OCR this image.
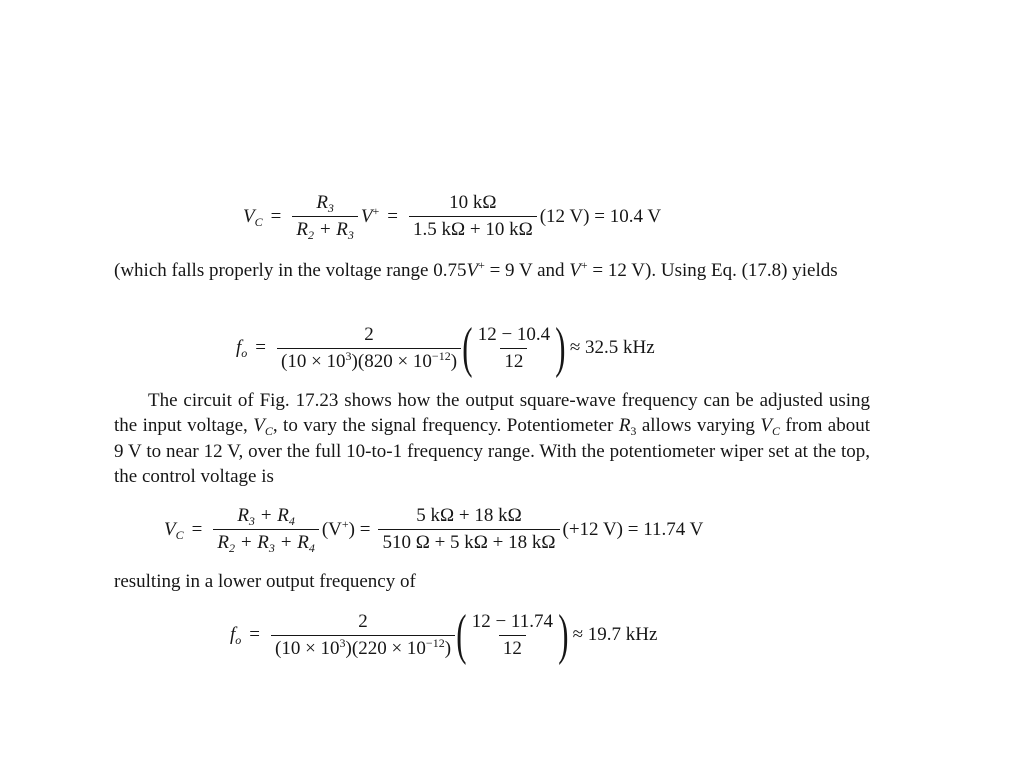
$V_C = \frac{R_3}{R_2 + R_3} V^+ = \frac{10 k\Omega}{1.5 k\Omega + 10 k\Omega} (12$ V) = 10.4 V
(which falls properly in the voltage range 0.75V+ = 9 V and V+ = 12 V). Using Eq. (17.8) yields
$f_o = \frac{2}{(10 \times 10^3)(820 \times 10^{-12})}$ ( $\frac{12 - 10.4}{12}$ ) ≈ 32.5 kHz
The circuit of Fig. 17.23 shows how the output square-wave frequency can be adjusted using the input voltage, $V_C$, to vary the signal frequency. Potentiometer $R_3$ allows varying $V_C$ from about 9 V to near 12 V, over the full 10-to-1 frequency range. With the potentiometer wiper set at the top, the control voltage is
$V_C = \frac{R_3 + R_4}{R_2 + R_3 + R_4} (V^+) = \frac{5 k\Omega + 18 k\Omega}{510 \Omega + 5 k\Omega + 18 k\Omega} (+12$ V) = 11.74 V
resulting in a lower output frequency of
$f_o = \frac{2}{(10 \times 10^3)(220 \times 10^{-12})}$ ( $\frac{12 - 11.74}{12}$ ) ≈ 19.7 kHz
